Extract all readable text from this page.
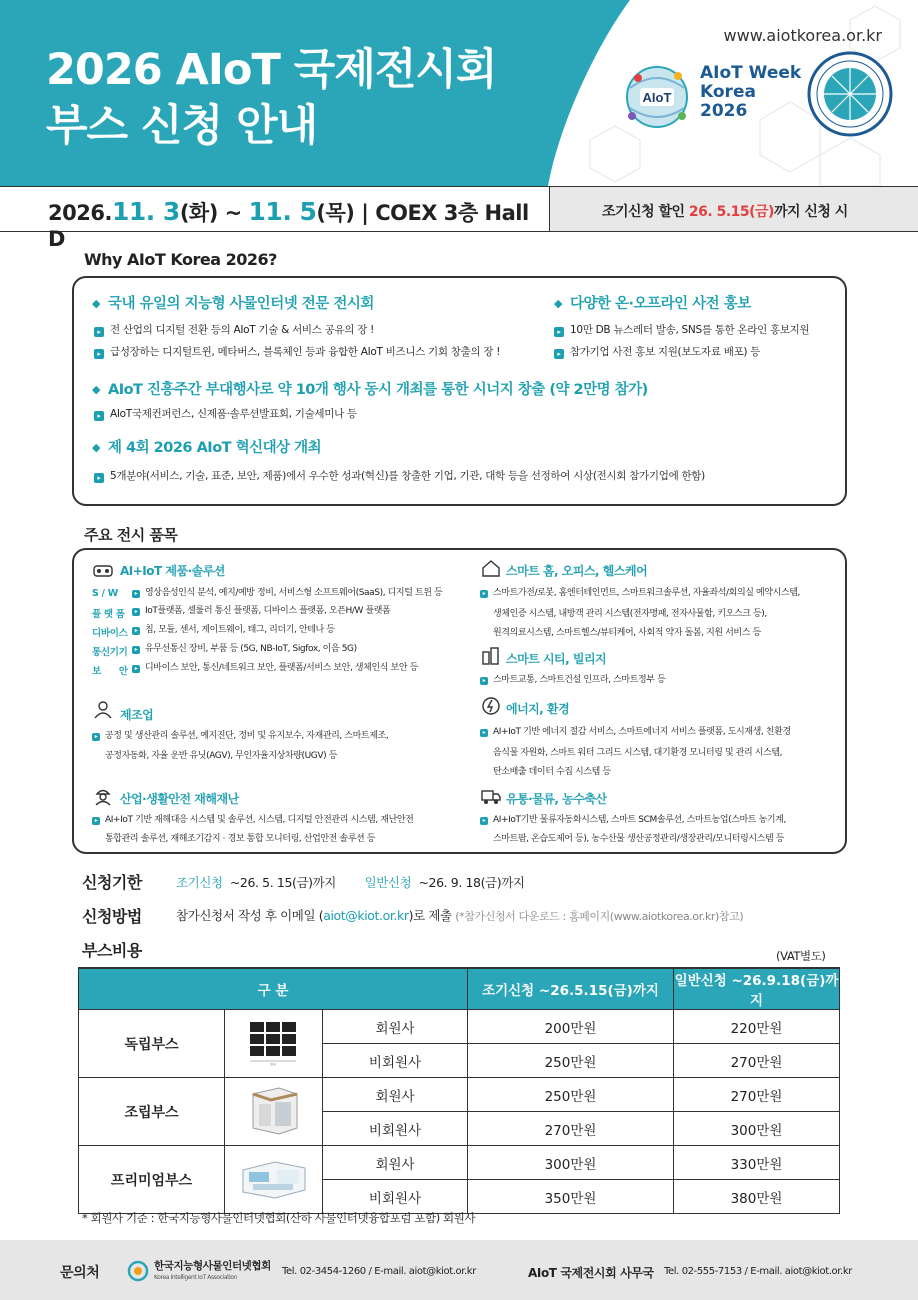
2026 AIoT 국제전시회
부스 신청 안내
www.aiotkorea.or.kr
AIoT
AIoT Week
Korea
2026
2026.11. 3(화) ~ 11. 5(목) | COEX 3층 Hall D
조기신청 할인 26. 5.15(금)까지 신청 시
Why AIoT Korea 2026?
◆ 국내 유일의 지능형 사물인터넷 전문 전시회
▸ 전 산업의 디지털 전환 등의 AIoT 기술 & 서비스 공유의 장 !
▸ 급성장하는 디지털트윈, 메타버스, 블록체인 등과 융합한 AIoT 비즈니스 기회 창출의 장 !
◆ 다양한 온·오프라인 사전 홍보
▸ 10만 DB 뉴스레터 발송, SNS를 통한 온라인 홍보지원
▸ 참가기업 사전 홍보 지원(보도자료 배포) 등
◆ AIoT 진흥주간 부대행사로 약 10개 행사 동시 개최를 통한 시너지 창출 (약 2만명 참가)
▸ AIoT국제컨퍼런스, 신제품·솔루션발표회, 기술세미나 등
◆ 제 4회 2026 AIoT 혁신대상 개최
▸ 5개분야(서비스, 기술, 표준, 보안, 제품)에서 우수한 성과(혁신)를 창출한 기업, 기관, 대학 등을 선정하여 시상(전시회 참가기업에 한함)
주요 전시 품목
AI+IoT 제품·솔루션
S / W	▸ 영상음성인식 분석, 예지/예방 정비, 서비스형 소프트웨어(SaaS), 디지털 트윈 등
플 랫 폼	▸ IoT플랫폼, 셀룰러 통신 플랫폼, 디바이스 플랫폼, 오픈H/W 플랫폼
디바이스	▸ 칩, 모듈, 센서, 게이트웨이, 태그, 리더기, 안테나 등
통신기기	▸ 유무선통신 장비, 부품 등 (5G, NB-IoT, Sigfox, 이음 5G)
보      안	▸ 디바이스 보안, 통신/네트워크 보안, 플랫폼/서비스 보안, 생체인식 보안 등
제조업
▸ 공정 및 생산관리 솔루션, 예지진단, 정비 및 유지보수, 자재관리, 스마트제조,
공정자동화, 자율 운반 유닛(AGV), 무인자율지상차량(UGV) 등
산업·생활안전 재해재난
▸ AI+IoT 기반 재해대응 시스템 및 솔루션, 시스템, 디지털 안전관리 시스템, 재난안전
통합관리 솔루션, 재해조기감지 · 경보 통합 모니터링, 산업안전 솔루션 등
스마트 홈, 오피스, 헬스케어
▸ 스마트가전/로봇, 홈엔터테인먼트, 스마트워크솔루션, 자율좌석/회의실 예약시스템,
생체인증 시스템, 내방객 관리 시스템(전자명패, 전자사물함, 키오스크 등),
원격의료시스템, 스마트헬스/뷰티케어, 사회적 약자 돌봄, 지원 서비스 등
스마트 시티, 빌리지
▸ 스마트교통, 스마트건설 인프라, 스마트정부 등
에너지, 환경
▸ AI+IoT 기반 에너지 절감 서비스, 스마트에너지 서비스 플랫폼, 도시재생, 친환경
음식물 자원화, 스마트 워터 그리드 시스템, 대기환경 모니터링 및 관리 시스템,
탄소배출 데이터 수집 시스템 등
유통·물류, 농수축산
▸ AI+IoT기반 물류자동화시스템, 스마트 SCM솔루션, 스마트농업(스마트 농기계,
스마트팜, 온습도제어 등), 농수산물 생산공정관리/생장관리/모니터링시스템 등
신청기한	조기신청 ~26. 5. 15(금)까지 일반신청 ~26. 9. 18(금)까지
신청방법	참가신청서 작성 후 이메일 (aiot@kiot.or.kr)로 제출 (*참가신청서 다운로드 : 홈페이지(www.aiotkorea.or.kr)참고)
부스비용	(VAT별도)
구 분			조기신청 ~26.5.15(금)까지	일반신청 ~26.9.18(금)까지
독립부스	3m	회원사	200만원	220만원
		비회원사	250만원	270만원
조립부스		회원사	250만원	270만원
		비회원사	270만원	300만원
프리미엄부스		회원사	300만원	330만원
		비회원사	350만원	380만원
* 회원사 기준 : 한국지능형사물인터넷협회(산하 사물인터넷융합포럼 포함) 회원사
문의처	한국지능형사물인터넷협회
Korea Intelligent IoT Association
Tel. 02-3454-1260 / E-mail. aiot@kiot.or.kr	AIoT 국제전시회 사무국 Tel. 02-555-7153 / E-mail. aiot@kiot.or.kr
